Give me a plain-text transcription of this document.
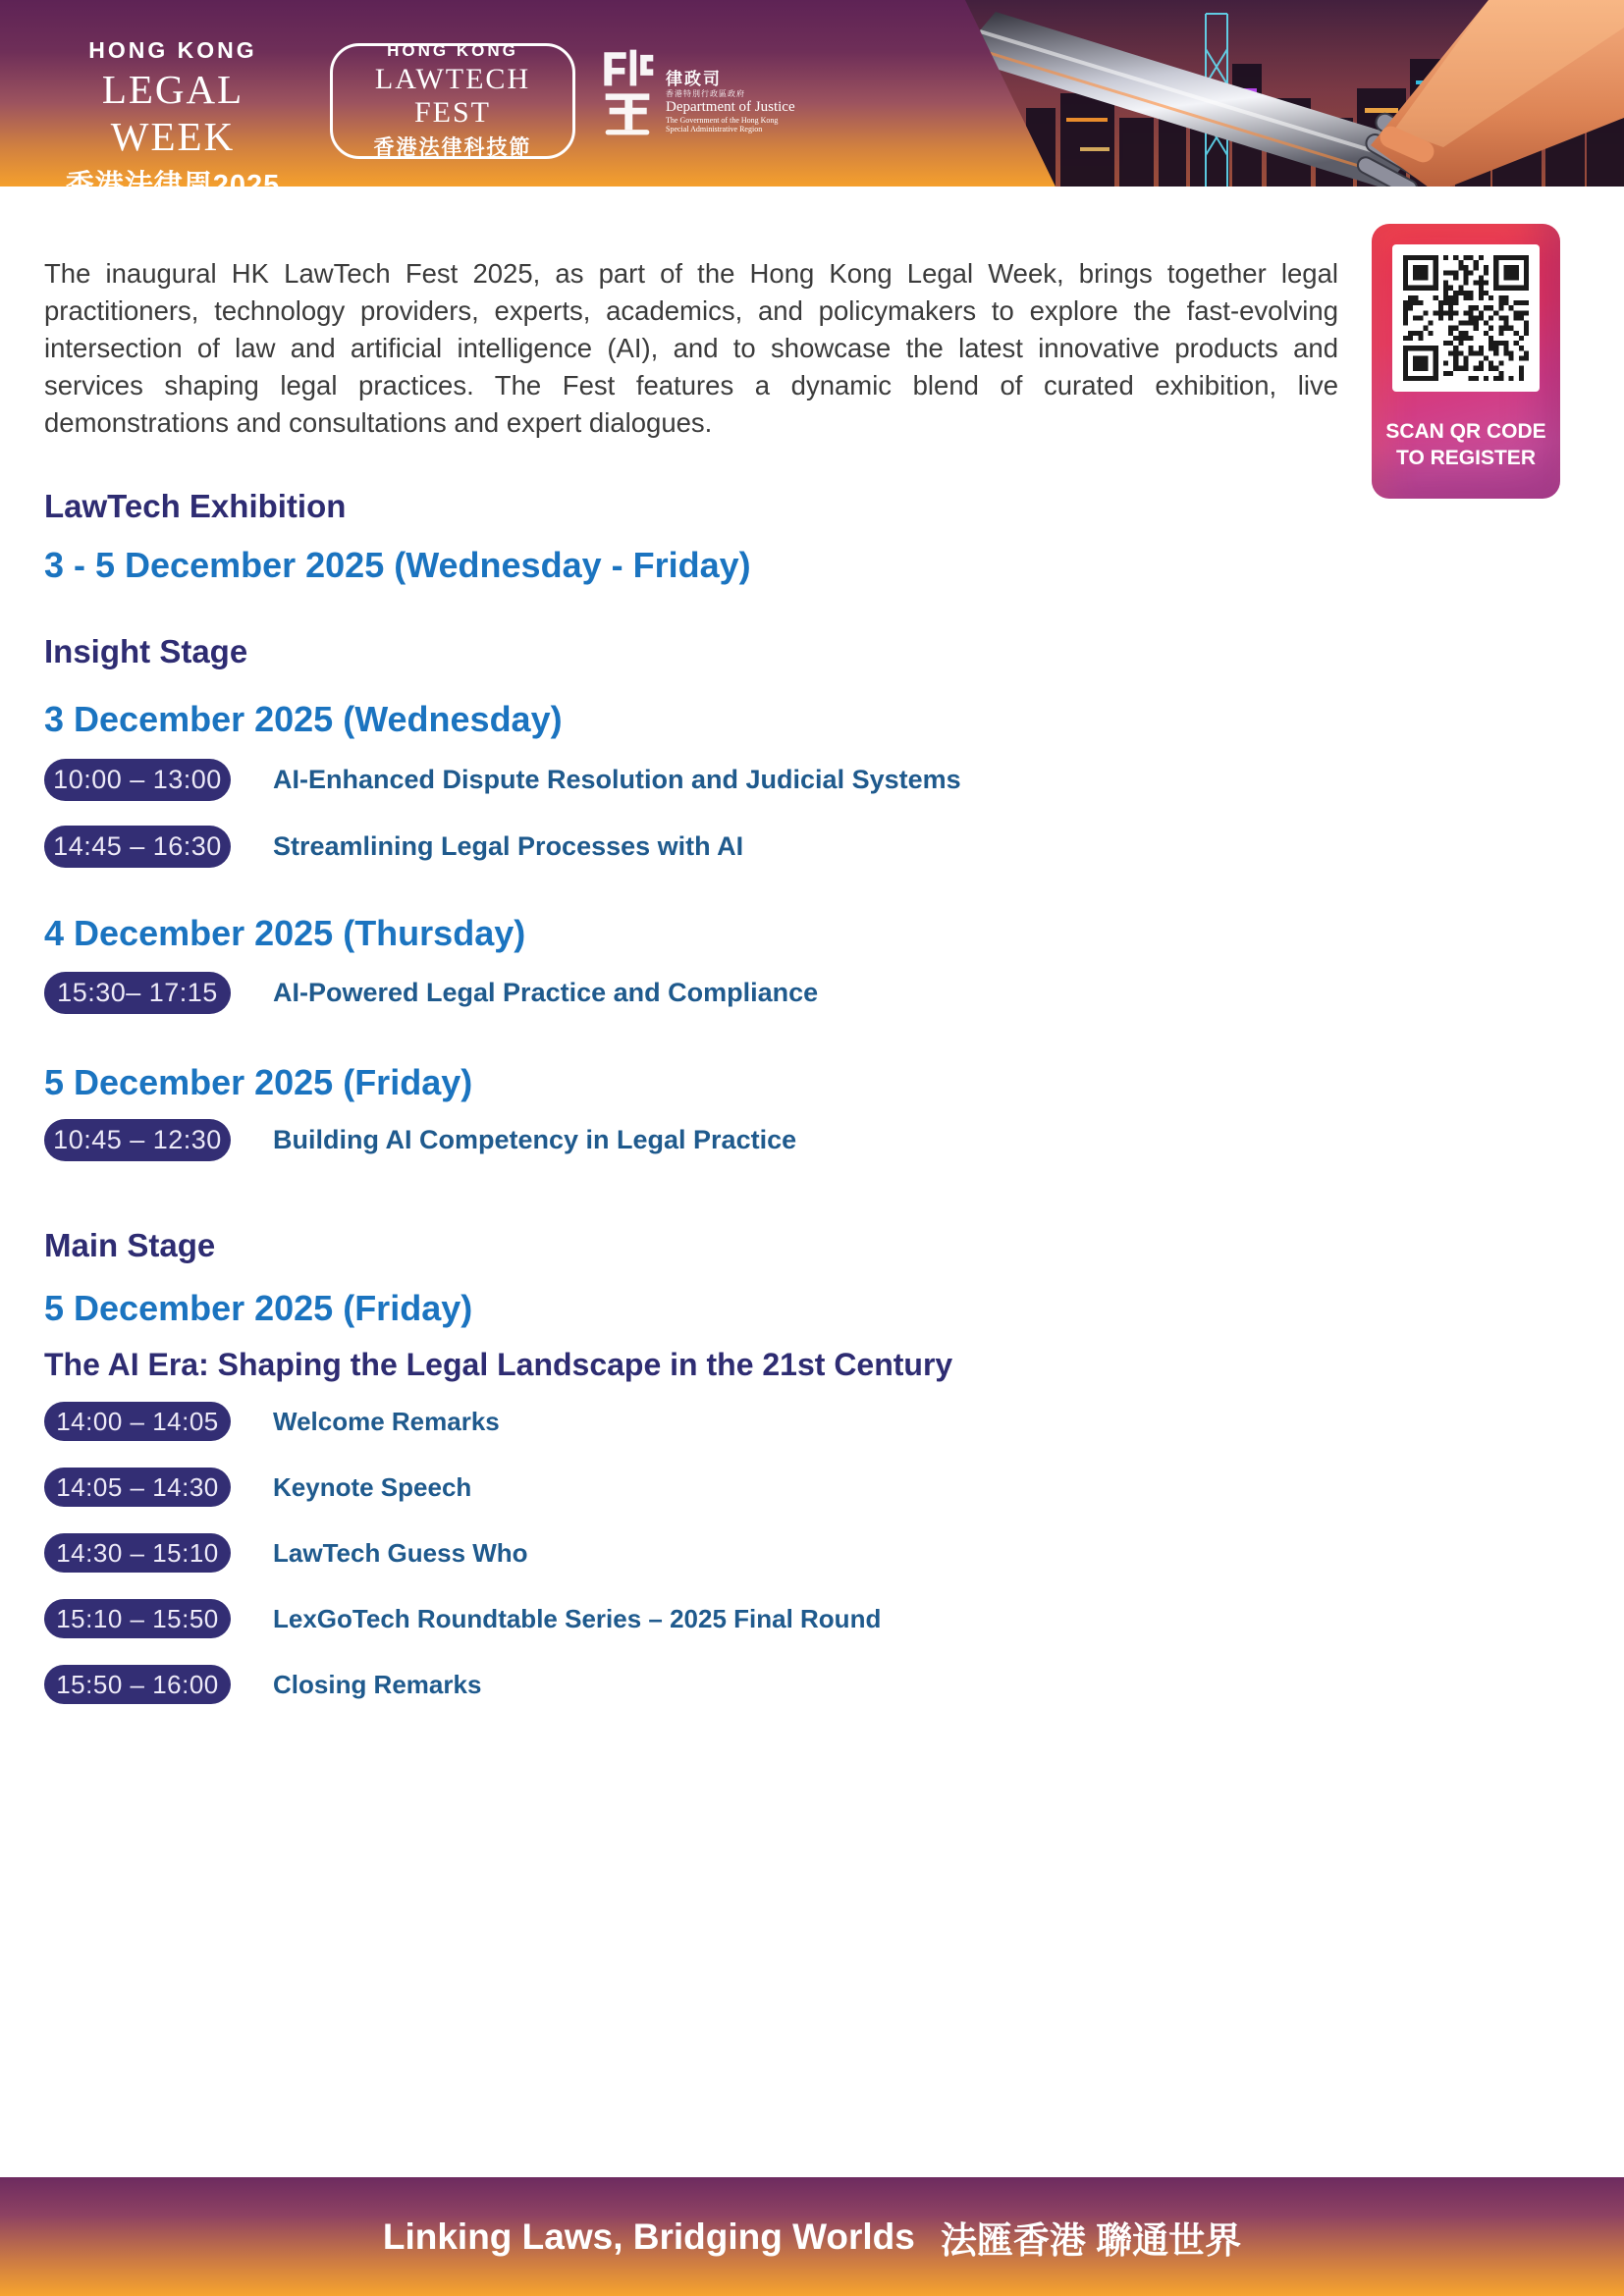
HONG KONG
LEGAL WEEK
香港法律周2025
HONG KONG
LAWTECH FEST
香港法律科技節
律政司
香港特別行政區政府
Department of Justice
The Government of the Hong Kong
Special Administrative Region

The inaugural HK LawTech Fest 2025, as part of the Hong Kong Legal Week, brings together legal practitioners, technology providers, experts, academics, and policymakers to explore the fast-evolving intersection of law and artificial intelligence (AI), and to showcase the latest innovative products and services shaping legal practices. The Fest features a dynamic blend of curated exhibition, live demonstrations and consultations and expert dialogues.	SCAN QR CODE
TO REGISTER
LawTech Exhibition
3 - 5 December 2025 (Wednesday - Friday)
Insight Stage
3 December 2025 (Wednesday)
10:00 – 13:00	AI-Enhanced Dispute Resolution and Judicial Systems
14:45 – 16:30	Streamlining Legal Processes with AI
4 December 2025 (Thursday)
15:30– 17:15	AI-Powered Legal Practice and Compliance
5 December 2025 (Friday)
10:45 – 12:30	Building AI Competency in Legal Practice
Main Stage
5 December 2025 (Friday)
The AI Era: Shaping the Legal Landscape in the 21st Century
14:00 – 14:05	Welcome Remarks
14:05 – 14:30	Keynote Speech
14:30 – 15:10	LawTech Guess Who
15:10 – 15:50	LexGoTech Roundtable Series – 2025 Final Round
15:50 – 16:00	Closing Remarks
Linking Laws, Bridging Worlds 法匯香港 聯通世界
